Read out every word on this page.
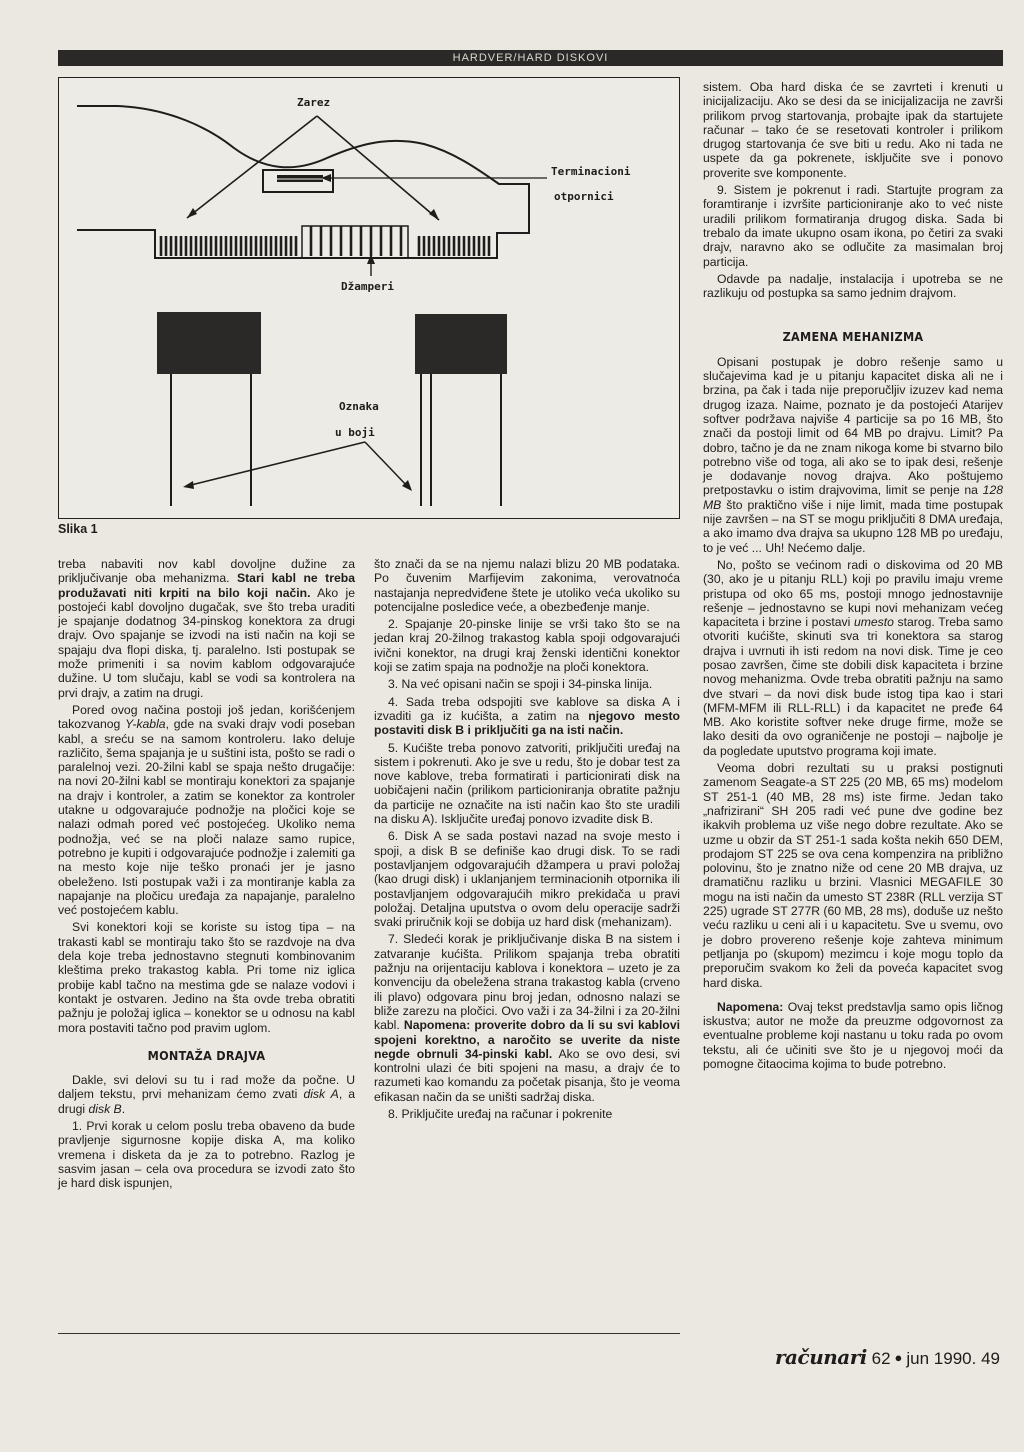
HARDVER/HARD DISKOVI
Zarez
Terminacioni
otpornici
Džamperi
Oznaka
u boji
Slika 1

treba nabaviti nov kabl dovoljne dužine za priključivanje oba mehanizma. Stari kabl ne treba produžavati niti krpiti na bilo koji način. Ako je postojeći kabl dovoljno dugačak, sve što treba uraditi je spajanje dodatnog 34-pinskog konektora za drugi drajv. Ovo spajanje se izvodi na isti način na koji se spajaju dva flopi diska, tj. paralelno. Isti postupak se može primeniti i sa novim kablom odgovarajuće dužine. U tom slučaju, kabl se vodi sa kontrolera na prvi drajv, a zatim na drugi.

Pored ovog načina postoji još jedan, korišćenjem takozvanog Y-kabla, gde na svaki drajv vodi poseban kabl, a sreću se na samom kontroleru. Iako deluje različito, šema spajanja je u suštini ista, pošto se radi o paralelnoj vezi. 20-žilni kabl se spaja nešto drugačije: na novi 20-žilni kabl se montiraju konektori za spajanje na drajv i kontroler, a zatim se konektor za kontroler utakne u odgovarajuće podnožje na pločici koje se nalazi odmah pored već postojećeg. Ukoliko nema podnožja, već se na ploči nalaze samo rupice, potrebno je kupiti i odgovarajuće podnožje i zalemiti ga na mesto koje nije teško pronaći jer je jasno obeleženo. Isti postupak važi i za montiranje kabla za napajanje na pločicu uređaja za napajanje, paralelno već postojećem kablu.

Svi konektori koji se koriste su istog tipa – na trakasti kabl se montiraju tako što se razdvoje na dva dela koje treba jednostavno stegnuti kombinovanim kleštima preko trakastog kabla. Pri tome niz iglica probije kabl tačno na mestima gde se nalaze vodovi i kontakt je ostvaren. Jedino na šta ovde treba obratiti pažnju je položaj iglica – konektor se u odnosu na kabl mora postaviti tačno pod pravim uglom.

MONTAŽA DRAJVA

Dakle, svi delovi su tu i rad može da počne. U daljem tekstu, prvi mehanizam ćemo zvati disk A, a drugi disk B.

1. Prvi korak u celom poslu treba obaveno da bude pravljenje sigurnosne kopije diska A, ma koliko vremena i disketa da je za to potrebno. Razlog je sasvim jasan – cela ova procedura se izvodi zato što je hard disk ispunjen,

što znači da se na njemu nalazi blizu 20 MB podataka. Po čuvenim Marfijevim zakonima, verovatnoća nastajanja nepredviđene štete je utoliko veća ukoliko su potencijalne posledice veće, a obezbeđenje manje.

2. Spajanje 20-pinske linije se vrši tako što se na jedan kraj 20-žilnog trakastog kabla spoji odgovarajući ivični konektor, na drugi kraj ženski identični konektor koji se zatim spaja na podnožje na ploči konektora.

3. Na već opisani način se spoji i 34-pinska linija.

4. Sada treba odspojiti sve kablove sa diska A i izvaditi ga iz kućišta, a zatim na njegovo mesto postaviti disk B i priključiti ga na isti način.

5. Kućište treba ponovo zatvoriti, priključiti uređaj na sistem i pokrenuti. Ako je sve u redu, što je dobar test za nove kablove, treba formatirati i particionirati disk na uobičajeni način (prilikom particioniranja obratite pažnju da particije ne označite na isti način kao što ste uradili na disku A). Isključite uređaj ponovo izvadite disk B.

6. Disk A se sada postavi nazad na svoje mesto i spoji, a disk B se definiše kao drugi disk. To se radi postavljanjem odgovarajućih džampera u pravi položaj (kao drugi disk) i uklanjanjem terminacionih otpornika ili postavljanjem odgovarajućih mikro prekidača u pravi položaj. Detaljna uputstva o ovom delu operacije sadrži svaki priručnik koji se dobija uz hard disk (mehanizam).

7. Sledeći korak je priključivanje diska B na sistem i zatvaranje kućišta. Prilikom spajanja treba obratiti pažnju na orijentaciju kablova i konektora – uzeto je za konvenciju da obeležena strana trakastog kabla (crveno ili plavo) odgovara pinu broj jedan, odnosno nalazi se bliže zarezu na pločici. Ovo važi i za 34-žilni i za 20-žilni kabl. Napomena: proverite dobro da li su svi kablovi spojeni korektno, a naročito se uverite da niste negde obrnuli 34-pinski kabl. Ako se ovo desi, svi kontrolni ulazi će biti spojeni na masu, a drajv će to razumeti kao komandu za početak pisanja, što je veoma efikasan način da se uništi sadržaj diska.

8. Priključite uređaj na računar i pokrenite

sistem. Oba hard diska će se zavrteti i krenuti u inicijalizaciju. Ako se desi da se inicijalizacija ne završi prilikom prvog startovanja, probajte ipak da startujete računar – tako će se resetovati kontroler i prilikom drugog startovanja će sve biti u redu. Ako ni tada ne uspete da ga pokrenete, isključite sve i ponovo proverite sve komponente.

9. Sistem je pokrenut i radi. Startujte program za foramtiranje i izvršite particioniranje ako to već niste uradili prilikom formatiranja drugog diska. Sada bi trebalo da imate ukupno osam ikona, po četiri za svaki drajv, naravno ako se odlučite za masimalan broj particija.

Odavde pa nadalje, instalacija i upotreba se ne razlikuju od postupka sa samo jednim drajvom.

ZAMENA MEHANIZMA

Opisani postupak je dobro rešenje samo u slučajevima kad je u pitanju kapacitet diska ali ne i brzina, pa čak i tada nije preporučljiv izuzev kad nema drugog izaza. Naime, poznato je da postojeći Atarijev softver podržava najviše 4 particije sa po 16 MB, što znači da postoji limit od 64 MB po drajvu. Limit? Pa dobro, tačno je da ne znam nikoga kome bi stvarno bilo potrebno više od toga, ali ako se to ipak desi, rešenje je dodavanje novog drajva. Ako poštujemo pretpostavku o istim drajvovima, limit se penje na 128 MB što praktično više i nije limit, mada time postupak nije završen – na ST se mogu priključiti 8 DMA uređaja, a ako imamo dva drajva sa ukupno 128 MB po uređaju, to je već ... Uh! Nećemo dalje.

No, pošto se većinom radi o diskovima od 20 MB (30, ako je u pitanju RLL) koji po pravilu imaju vreme pristupa od oko 65 ms, postoji mnogo jednostavnije rešenje – jednostavno se kupi novi mehanizam većeg kapaciteta i brzine i postavi umesto starog. Treba samo otvoriti kućište, skinuti sva tri konektora sa starog drajva i uvrnuti ih isti redom na novi disk. Time je ceo posao završen, čime ste dobili disk kapaciteta i brzine novog mehanizma. Ovde treba obratiti pažnju na samo dve stvari – da novi disk bude istog tipa kao i stari (MFM-MFM ili RLL-RLL) i da kapacitet ne pređe 64 MB. Ako koristite softver neke druge firme, može se lako desiti da ovo ograničenje ne postoji – najbolje je da pogledate uputstvo programa koji imate.

Veoma dobri rezultati su u praksi postignuti zamenom Seagate-a ST 225 (20 MB, 65 ms) modelom ST 251-1 (40 MB, 28 ms) iste firme. Jedan tako „nafrizirani“ SH 205 radi već pune dve godine bez ikakvih problema uz više nego dobre rezultate. Ako se uzme u obzir da ST 251-1 sada košta nekih 650 DEM, prodajom ST 225 se ova cena kompenzira na približno polovinu, što je znatno niže od cene 20 MB drajva, uz dramatičnu razliku u brzini. Vlasnici MEGAFILE 30 mogu na isti način da umesto ST 238R (RLL verzija ST 225) ugrade ST 277R (60 MB, 28 ms), doduše uz nešto veću razliku u ceni ali i u kapacitetu. Sve u svemu, ovo je dobro provereno rešenje koje zahteva minimum petljanja po (skupom) mezimcu i koje mogu toplo da preporučim svakom ko želi da poveća kapacitet svog hard diska.

Napomena: Ovaj tekst predstavlja samo opis ličnog iskustva; autor ne može da preuzme odgovornost za eventualne probleme koji nastanu u toku rada po ovom tekstu, ali će učiniti sve što je u njegovoj moći da pomogne čitaocima kojima to bude potrebno.

računari 62 ● jun 1990. 49
